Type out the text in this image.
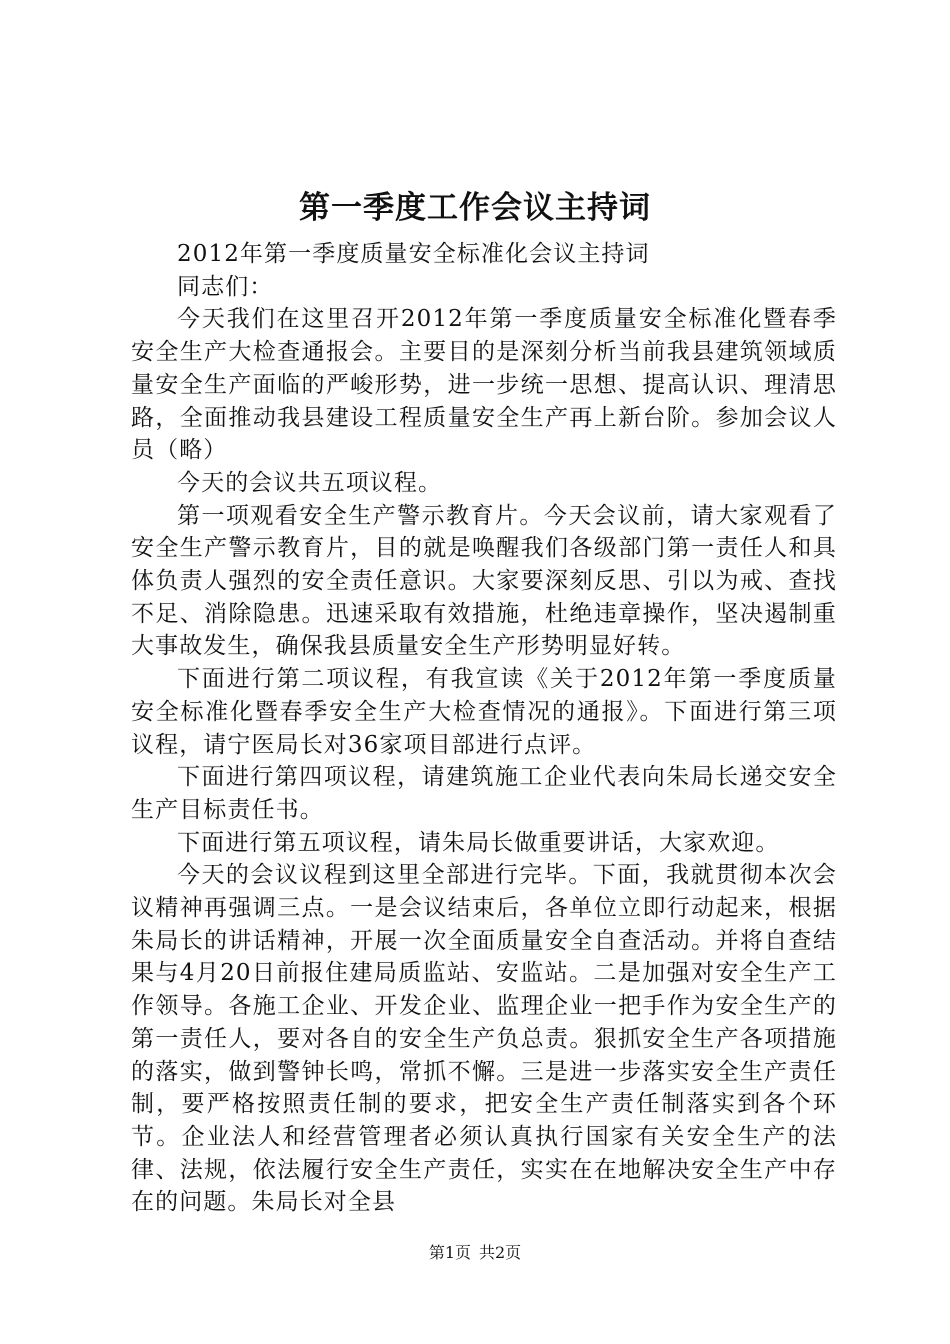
第一季度工作会议主持词

2012年第一季度质量安全标准化会议主持词

同志们：

今天我们在这里召开2012年第一季度质量安全标准化暨春季安全生产大检查通报会。主要目的是深刻分析当前我县建筑领域质量安全生产面临的严峻形势，进一步统一思想、提高认识、理清思路，全面推动我县建设工程质量安全生产再上新台阶。参加会议人员（略）

今天的会议共五项议程。

第一项观看安全生产警示教育片。今天会议前，请大家观看了安全生产警示教育片，目的就是唤醒我们各级部门第一责任人和具体负责人强烈的安全责任意识。大家要深刻反思、引以为戒、查找不足、消除隐患。迅速采取有效措施，杜绝违章操作，坚决遏制重大事故发生，确保我县质量安全生产形势明显好转。

下面进行第二项议程，有我宣读《关于2012年第一季度质量安全标准化暨春季安全生产大检查情况的通报》。下面进行第三项议程，请宁医局长对36家项目部进行点评。

下面进行第四项议程，请建筑施工企业代表向朱局长递交安全生产目标责任书。

下面进行第五项议程，请朱局长做重要讲话，大家欢迎。

今天的会议议程到这里全部进行完毕。下面，我就贯彻本次会议精神再强调三点。一是会议结束后，各单位立即行动起来，根据朱局长的讲话精神，开展一次全面质量安全自查活动。并将自查结果与4月20日前报住建局质监站、安监站。二是加强对安全生产工作领导。各施工企业、开发企业、监理企业一把手作为安全生产的第一责任人，要对各自的安全生产负总责。狠抓安全生产各项措施的落实，做到警钟长鸣，常抓不懈。三是进一步落实安全生产责任制，要严格按照责任制的要求，把安全生产责任制落实到各个环节。企业法人和经营管理者必须认真执行国家有关安全生产的法律、法规，依法履行安全生产责任，实实在在地解决安全生产中存在的问题。朱局长对全县

第1页 共2页
